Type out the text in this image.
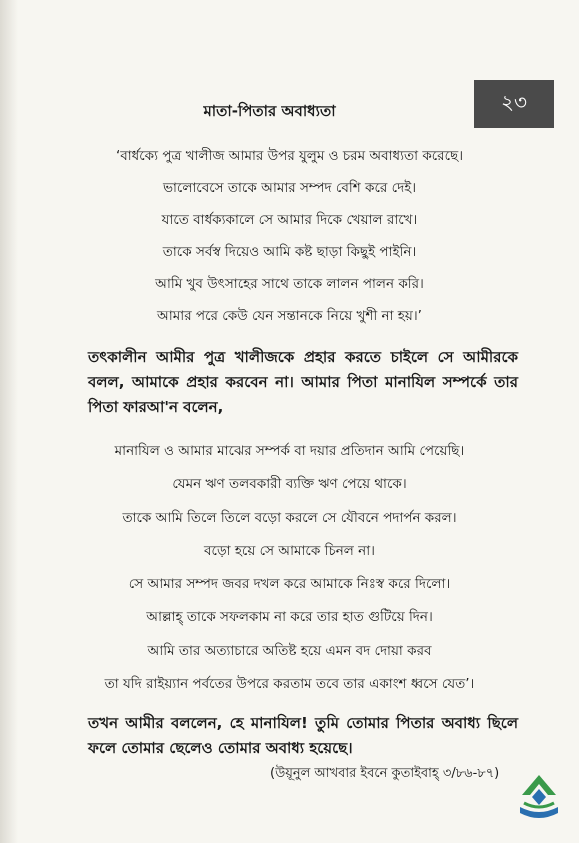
মাতা-পিতার অবাধ্যতা	২৩
‘বার্ধক্যে পুত্র খালীজ আমার উপর যুলুম ও চরম অবাধ্যতা করেছে।
ভালোবেসে তাকে আমার সম্পদ বেশি করে দেই।
যাতে বার্ধক্যকালে সে আমার দিকে খেয়াল রাখে।
তাকে সর্বস্ব দিয়েও আমি কষ্ট ছাড়া কিছুই পাইনি।
আমি খুব উৎসাহের সাথে তাকে লালন পালন করি।
আমার পরে কেউ যেন সন্তানকে নিয়ে খুশী না হয়।’
তৎকালীন আমীর পুত্র খালীজকে প্রহার করতে চাইলে সে আমীরকে বলল, আমাকে প্রহার করবেন না। আমার পিতা মানাযিল সম্পর্কে তার পিতা ফারআ'ন বলেন,
মানাযিল ও আমার মাঝের সম্পর্ক বা দয়ার প্রতিদান আমি পেয়েছি।
যেমন ঋণ তলবকারী ব্যক্তি ঋণ পেয়ে থাকে।
তাকে আমি তিলে তিলে বড়ো করলে সে যৌবনে পদার্পন করল।
বড়ো হয়ে সে আমাকে চিনল না।
সে আমার সম্পদ জবর দখল করে আমাকে নিঃস্ব করে দিলো।
আল্লাহ্ তাকে সফলকাম না করে তার হাত গুটিয়ে দিন।
আমি তার অত্যাচারে অতিষ্ট হয়ে এমন বদ দোয়া করব
তা যদি রাইয়্যান পর্বতের উপরে করতাম তবে তার একাংশ ধ্বসে যেত’।
তখন আমীর বললেন, হে মানাযিল! তুমি তোমার পিতার অবাধ্য ছিলে ফলে তোমার ছেলেও তোমার অবাধ্য হয়েছে।
(উয়ূনুল আখবার ইবনে কুতাইবাহ্ ৩/৮৬-৮৭)
